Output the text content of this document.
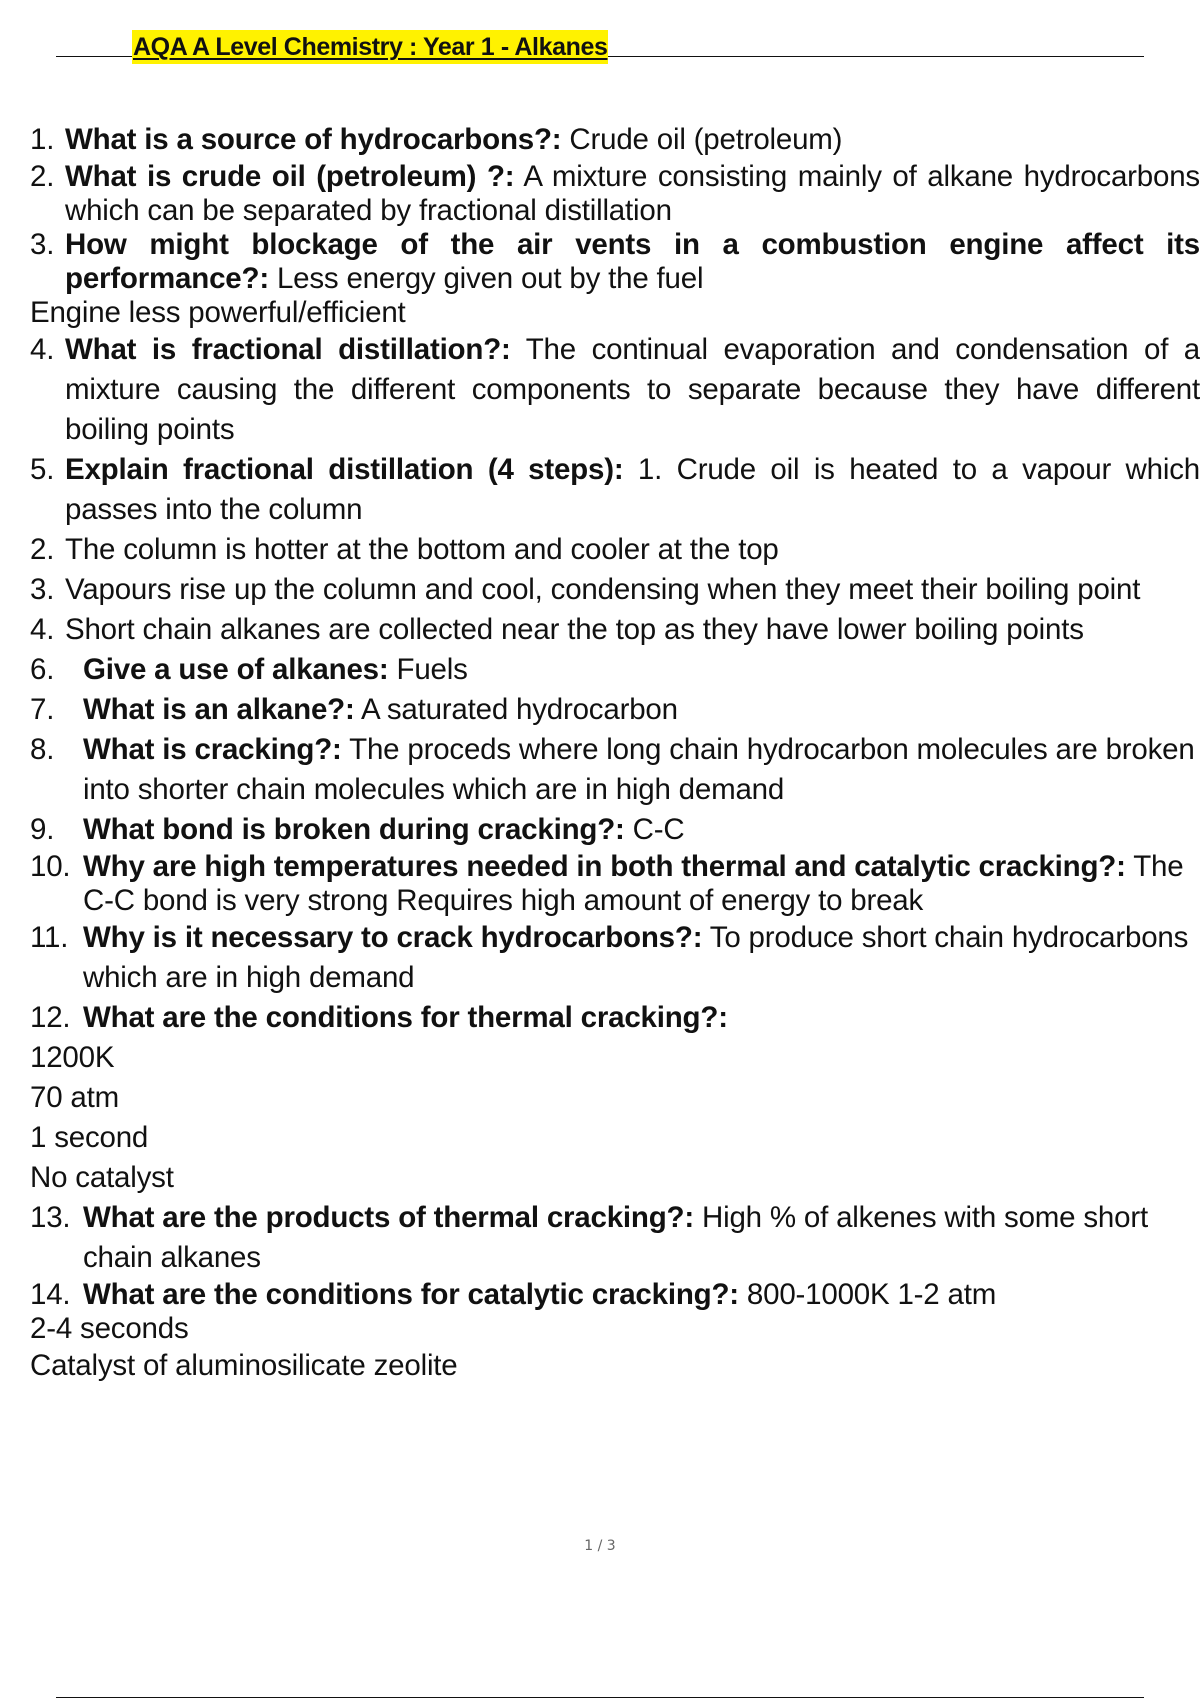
AQA A Level Chemistry : Year 1 - Alkanes

1. What is a source of hydrocarbons?: Crude oil (petroleum)

2. What is crude oil (petroleum) ?: A mixture consisting mainly of alkane hydrocarbons which can be separated by fractional distillation

3. How might blockage of the air vents in a combustion engine affect its performance?: Less energy given out by the fuel

Engine less powerful/efficient

4. What is fractional distillation?: The continual evaporation and condensation of a mixture causing the different components to separate because they have different boiling points

5. Explain fractional distillation (4 steps): 1. Crude oil is heated to a vapour which passes into the column

2. The column is hotter at the bottom and cooler at the top

3. Vapours rise up the column and cool, condensing when they meet their boiling point

4. Short chain alkanes are collected near the top as they have lower boiling points

6. Give a use of alkanes: Fuels

7. What is an alkane?: A saturated hydrocarbon

8. What is cracking?: The proceds where long chain hydrocarbon molecules are broken into shorter chain molecules which are in high demand

9. What bond is broken during cracking?: C-C

10. Why are high temperatures needed in both thermal and catalytic cracking?: The C-C bond is very strong Requires high amount of energy to break

11. Why is it necessary to crack hydrocarbons?: To produce short chain hydrocarbons which are in high demand

12. What are the conditions for thermal cracking?:

1200K

70 atm

1 second

No catalyst

13. What are the products of thermal cracking?: High % of alkenes with some short chain alkanes

14. What are the conditions for catalytic cracking?: 800-1000K 1-2 atm

2-4 seconds

Catalyst of aluminosilicate zeolite

1 / 3
